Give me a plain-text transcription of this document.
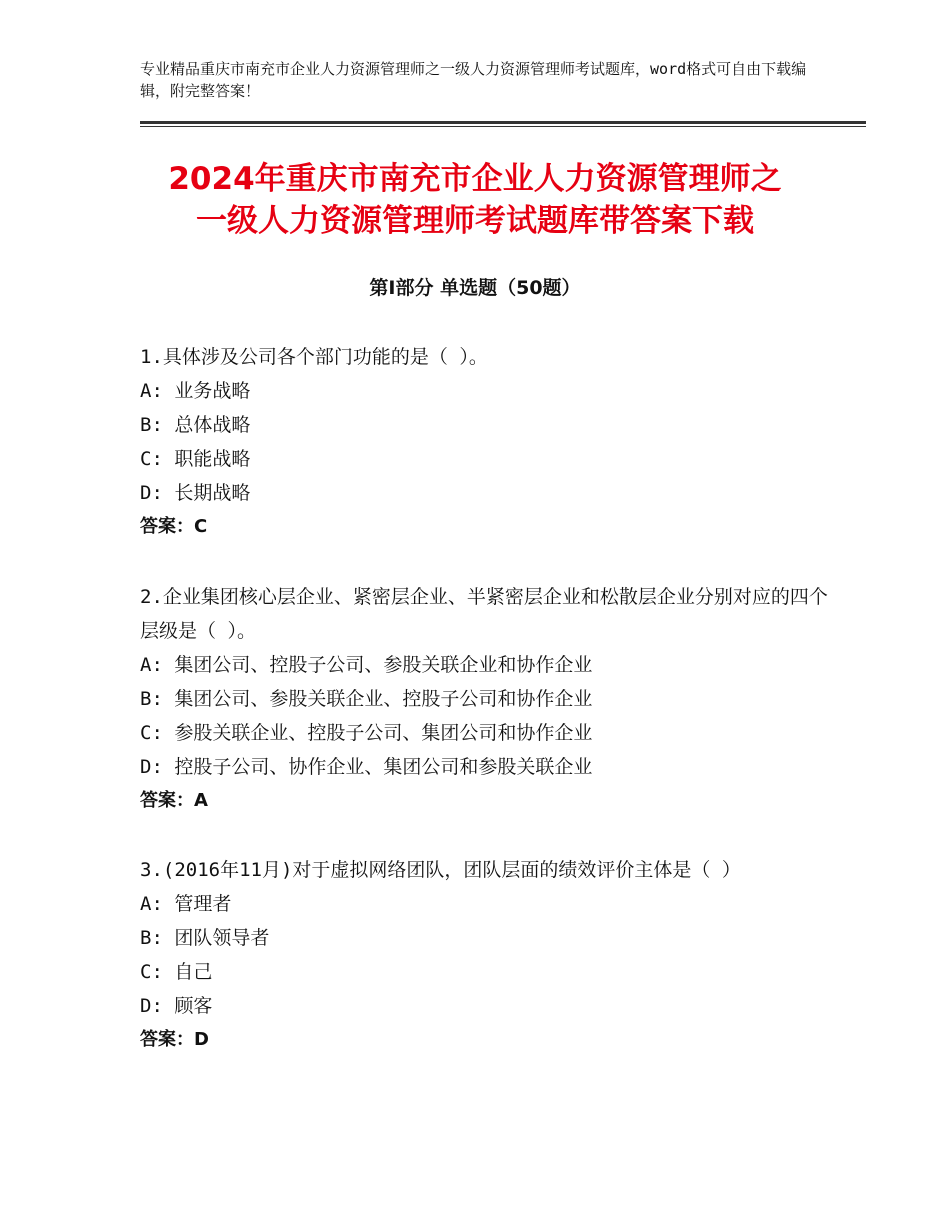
专业精品重庆市南充市企业人力资源管理师之一级人力资源管理师考试题库，word格式可自由下载编辑，附完整答案！
2024年重庆市南充市企业人力资源管理师之
一级人力资源管理师考试题库带答案下载
第Ⅰ部分 单选题（50题）
1.具体涉及公司各个部门功能的是（ ）。
A: 业务战略
B: 总体战略
C: 职能战略
D: 长期战略
答案：C
2.企业集团核心层企业、紧密层企业、半紧密层企业和松散层企业分别对应的四个层级是（ ）。
A: 集团公司、控股子公司、参股关联企业和协作企业
B: 集团公司、参股关联企业、控股子公司和协作企业
C: 参股关联企业、控股子公司、集团公司和协作企业
D: 控股子公司、协作企业、集团公司和参股关联企业
答案：A
3.(2016年11月)对于虚拟网络团队，团队层面的绩效评价主体是（ ）
A: 管理者
B: 团队领导者
C: 自己
D: 顾客
答案：D
